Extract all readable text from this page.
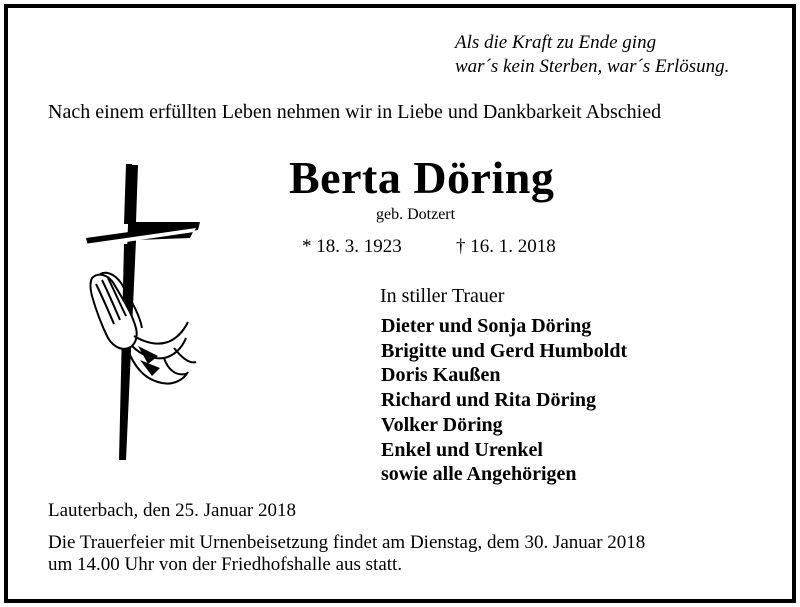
Als die Kraft zu Ende ging
war´s kein Sterben, war´s Erlösung.
Nach einem erfüllten Leben nehmen wir in Liebe und Dankbarkeit Abschied
Berta Döring
geb. Dotzert
* 18. 3. 1923	† 16. 1. 2018
In stiller Trauer
Dieter und Sonja Döring
Brigitte und Gerd Humboldt
Doris Kaußen
Richard und Rita Döring
Volker Döring
Enkel und Urenkel
sowie alle Angehörigen
Lauterbach, den 25. Januar 2018
Die Trauerfeier mit Urnenbeisetzung findet am Dienstag, dem 30. Januar 2018
um 14.00 Uhr von der Friedhofshalle aus statt.
